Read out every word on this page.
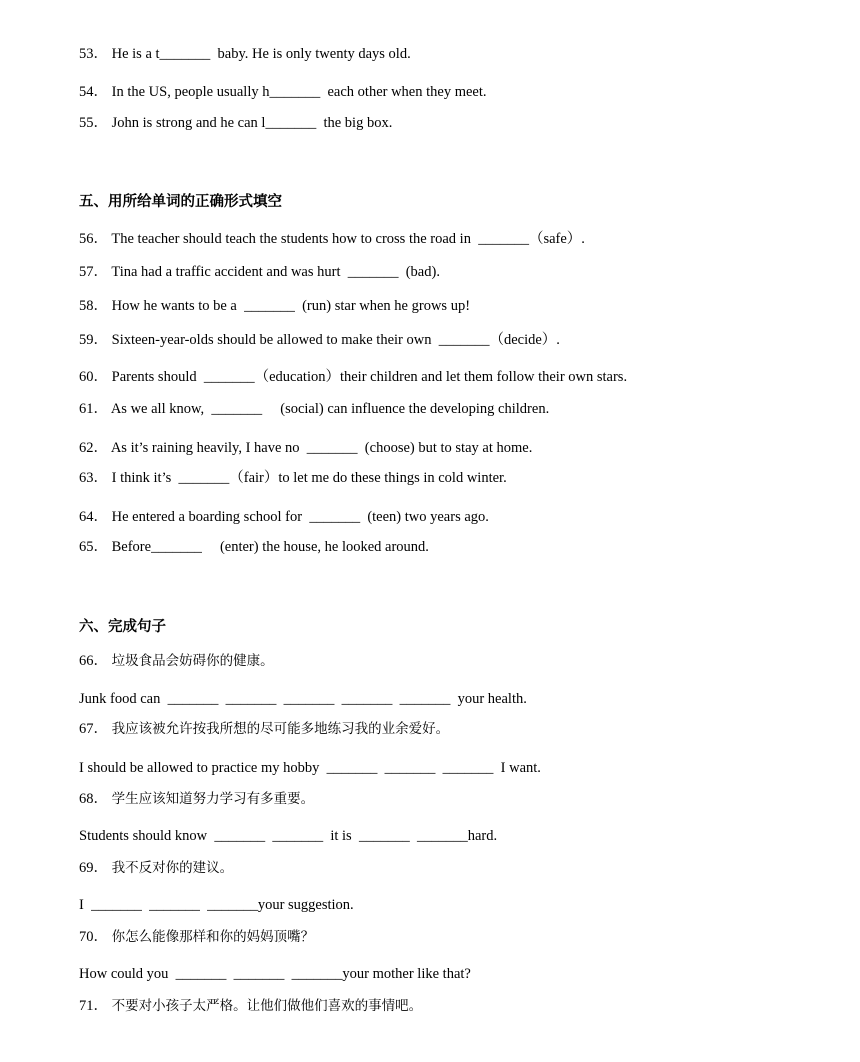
53． He is a t_______  baby. He is only twenty days old.
54． In the US, people usually h_______  each other when they meet.
55． John is strong and he can l_______  the big box.
五、用所给单词的正确形式填空
56． The teacher should teach the students how to cross the road in  _______（safe）.
57． Tina had a traffic accident and was hurt  _______  (bad).
58． How he wants to be a  _______  (run) star when he grows up!
59． Sixteen-year-olds should be allowed to make their own  _______（decide）.
60． Parents should  _______（education）their children and let them follow their own stars.
61． As we all know,  _______     (social) can influence the developing children.
62． As it’s raining heavily, I have no  _______  (choose) but to stay at home.
63． I think it’s  _______（fair）to let me do these things in cold winter.
64． He entered a boarding school for  _______  (teen) two years ago.
65． Before_______     (enter) the house, he looked around.
六、完成句子
66． 垃圾食品会妨碍你的健康。
Junk food can  _______  _______  _______  _______  _______  your health.
67． 我应该被允许按我所想的尽可能多地练习我的业余爱好。
I should be allowed to practice my hobby  _______  _______  _______  I want.
68． 学生应该知道努力学习有多重要。
Students should know  _______  _______  it is  _______  _______hard.
69． 我不反对你的建议。
I  _______  _______  _______your suggestion.
70． 你怎么能像那样和你的妈妈顶嘴？
How could you  _______  _______  _______your mother like that?
71． 不要对小孩子太严格。让他们做他们喜欢的事情吧。
